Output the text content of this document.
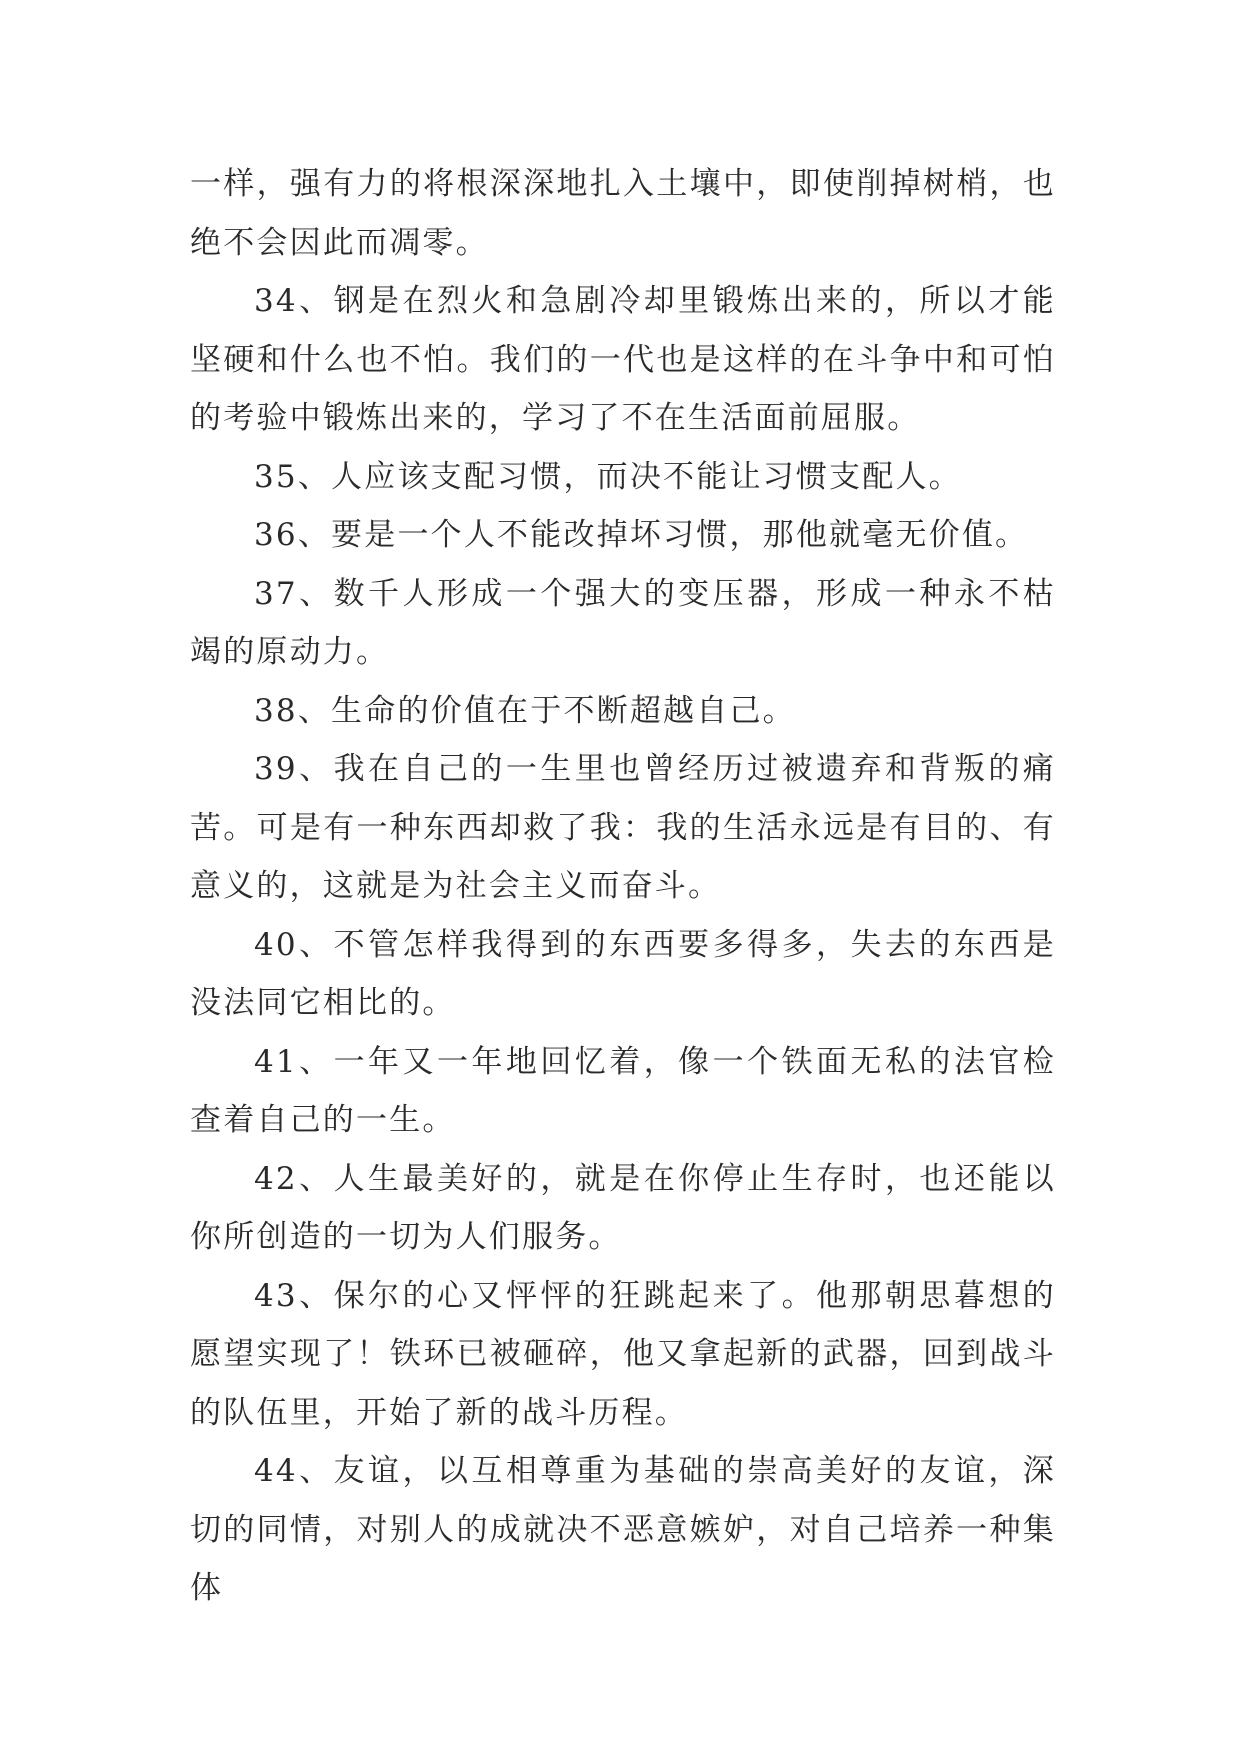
一样，强有力的将根深深地扎入土壤中，即使削掉树梢，也绝不会因此而凋零。

34、钢是在烈火和急剧冷却里锻炼出来的，所以才能坚硬和什么也不怕。我们的一代也是这样的在斗争中和可怕的考验中锻炼出来的，学习了不在生活面前屈服。

35、人应该支配习惯，而决不能让习惯支配人。

36、要是一个人不能改掉坏习惯，那他就毫无价值。

37、数千人形成一个强大的变压器，形成一种永不枯竭的原动力。

38、生命的价值在于不断超越自己。

39、我在自己的一生里也曾经历过被遗弃和背叛的痛苦。可是有一种东西却救了我：我的生活永远是有目的、有意义的，这就是为社会主义而奋斗。

40、不管怎样我得到的东西要多得多，失去的东西是没法同它相比的。

41、一年又一年地回忆着，像一个铁面无私的法官检查着自己的一生。

42、人生最美好的，就是在你停止生存时，也还能以你所创造的一切为人们服务。

43、保尔的心又怦怦的狂跳起来了。他那朝思暮想的愿望实现了！铁环已被砸碎，他又拿起新的武器，回到战斗的队伍里，开始了新的战斗历程。

44、友谊，以互相尊重为基础的崇高美好的友谊，深切的同情，对别人的成就决不恶意嫉妒，对自己培养一种集体
